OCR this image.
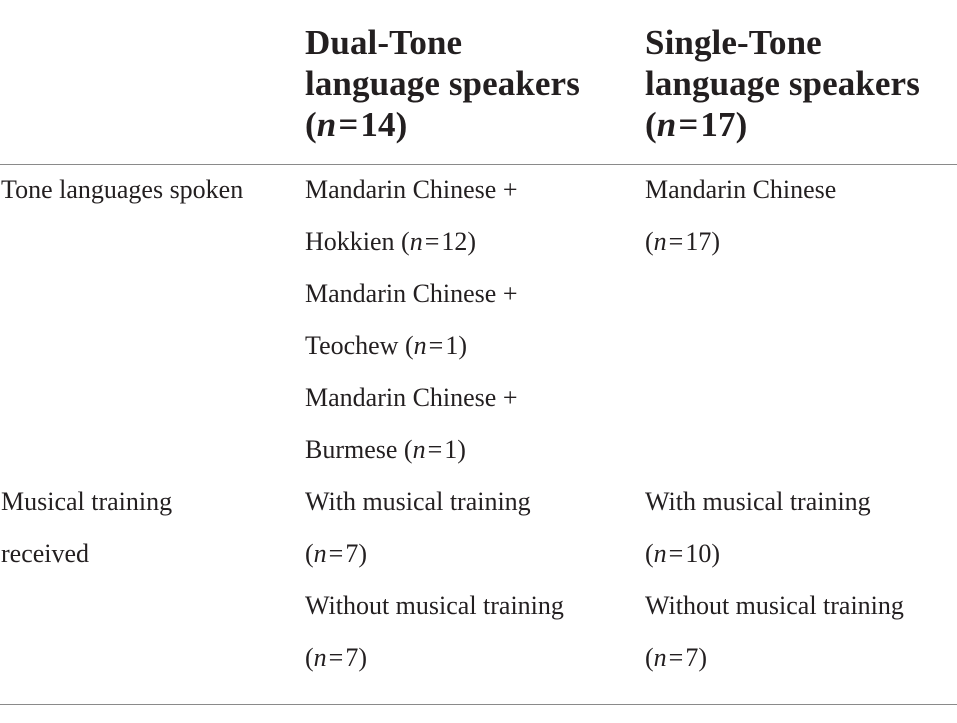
Dual-Tone
language speakers
(n=14)
Single-Tone
language speakers
(n=17)
Tone languages spoken	Mandarin Chinese +
Hokkien (n=12)
Mandarin Chinese +
Teochew (n=1)
Mandarin Chinese +
Burmese (n=1)
Mandarin Chinese
(n=17)
Musical training
received
With musical training
(n=7)
Without musical training
(n=7)
With musical training
(n=10)
Without musical training
(n=7)
